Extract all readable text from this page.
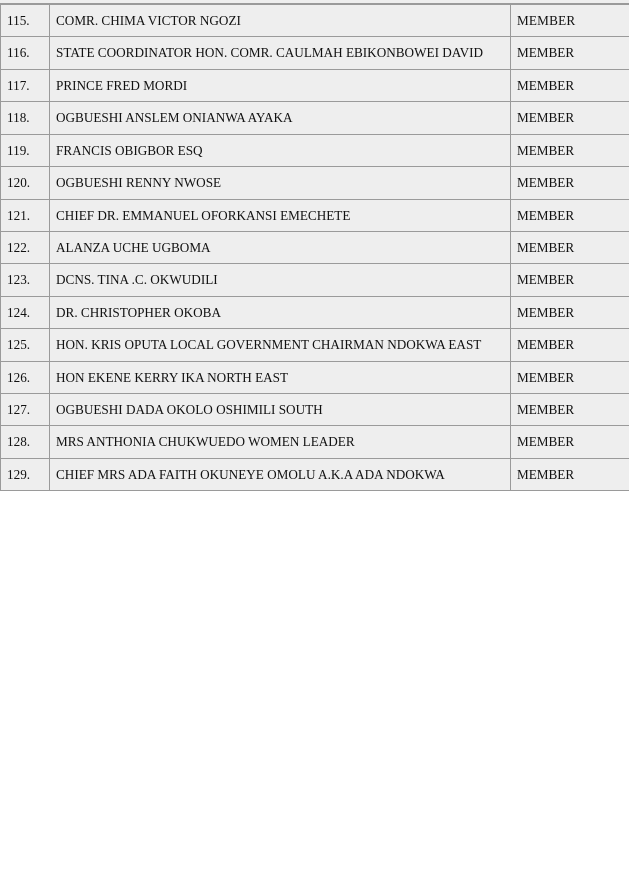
115.	COMR. CHIMA VICTOR NGOZI	MEMBER
116.	STATE COORDINATOR HON. COMR. CAULMAH EBIKONBOWEI DAVID	MEMBER
117.	PRINCE FRED MORDI	MEMBER
118.	OGBUESHI ANSLEM ONIANWA AYAKA	MEMBER
119.	FRANCIS OBIGBOR ESQ	MEMBER
120.	OGBUESHI RENNY NWOSE	MEMBER
121.	CHIEF DR. EMMANUEL OFORKANSI EMECHETE	MEMBER
122.	ALANZA UCHE UGBOMA	MEMBER
123.	DCNS. TINA .C. OKWUDILI	MEMBER
124.	DR. CHRISTOPHER OKOBA	MEMBER
125.	HON. KRIS OPUTA LOCAL GOVERNMENT CHAIRMAN NDOKWA EAST	MEMBER
126.	HON EKENE KERRY IKA NORTH EAST	MEMBER
127.	OGBUESHI DADA OKOLO OSHIMILI SOUTH	MEMBER
128.	MRS ANTHONIA CHUKWUEDO WOMEN LEADER	MEMBER
129.	CHIEF MRS ADA FAITH OKUNEYE OMOLU A.K.A ADA NDOKWA	MEMBER
